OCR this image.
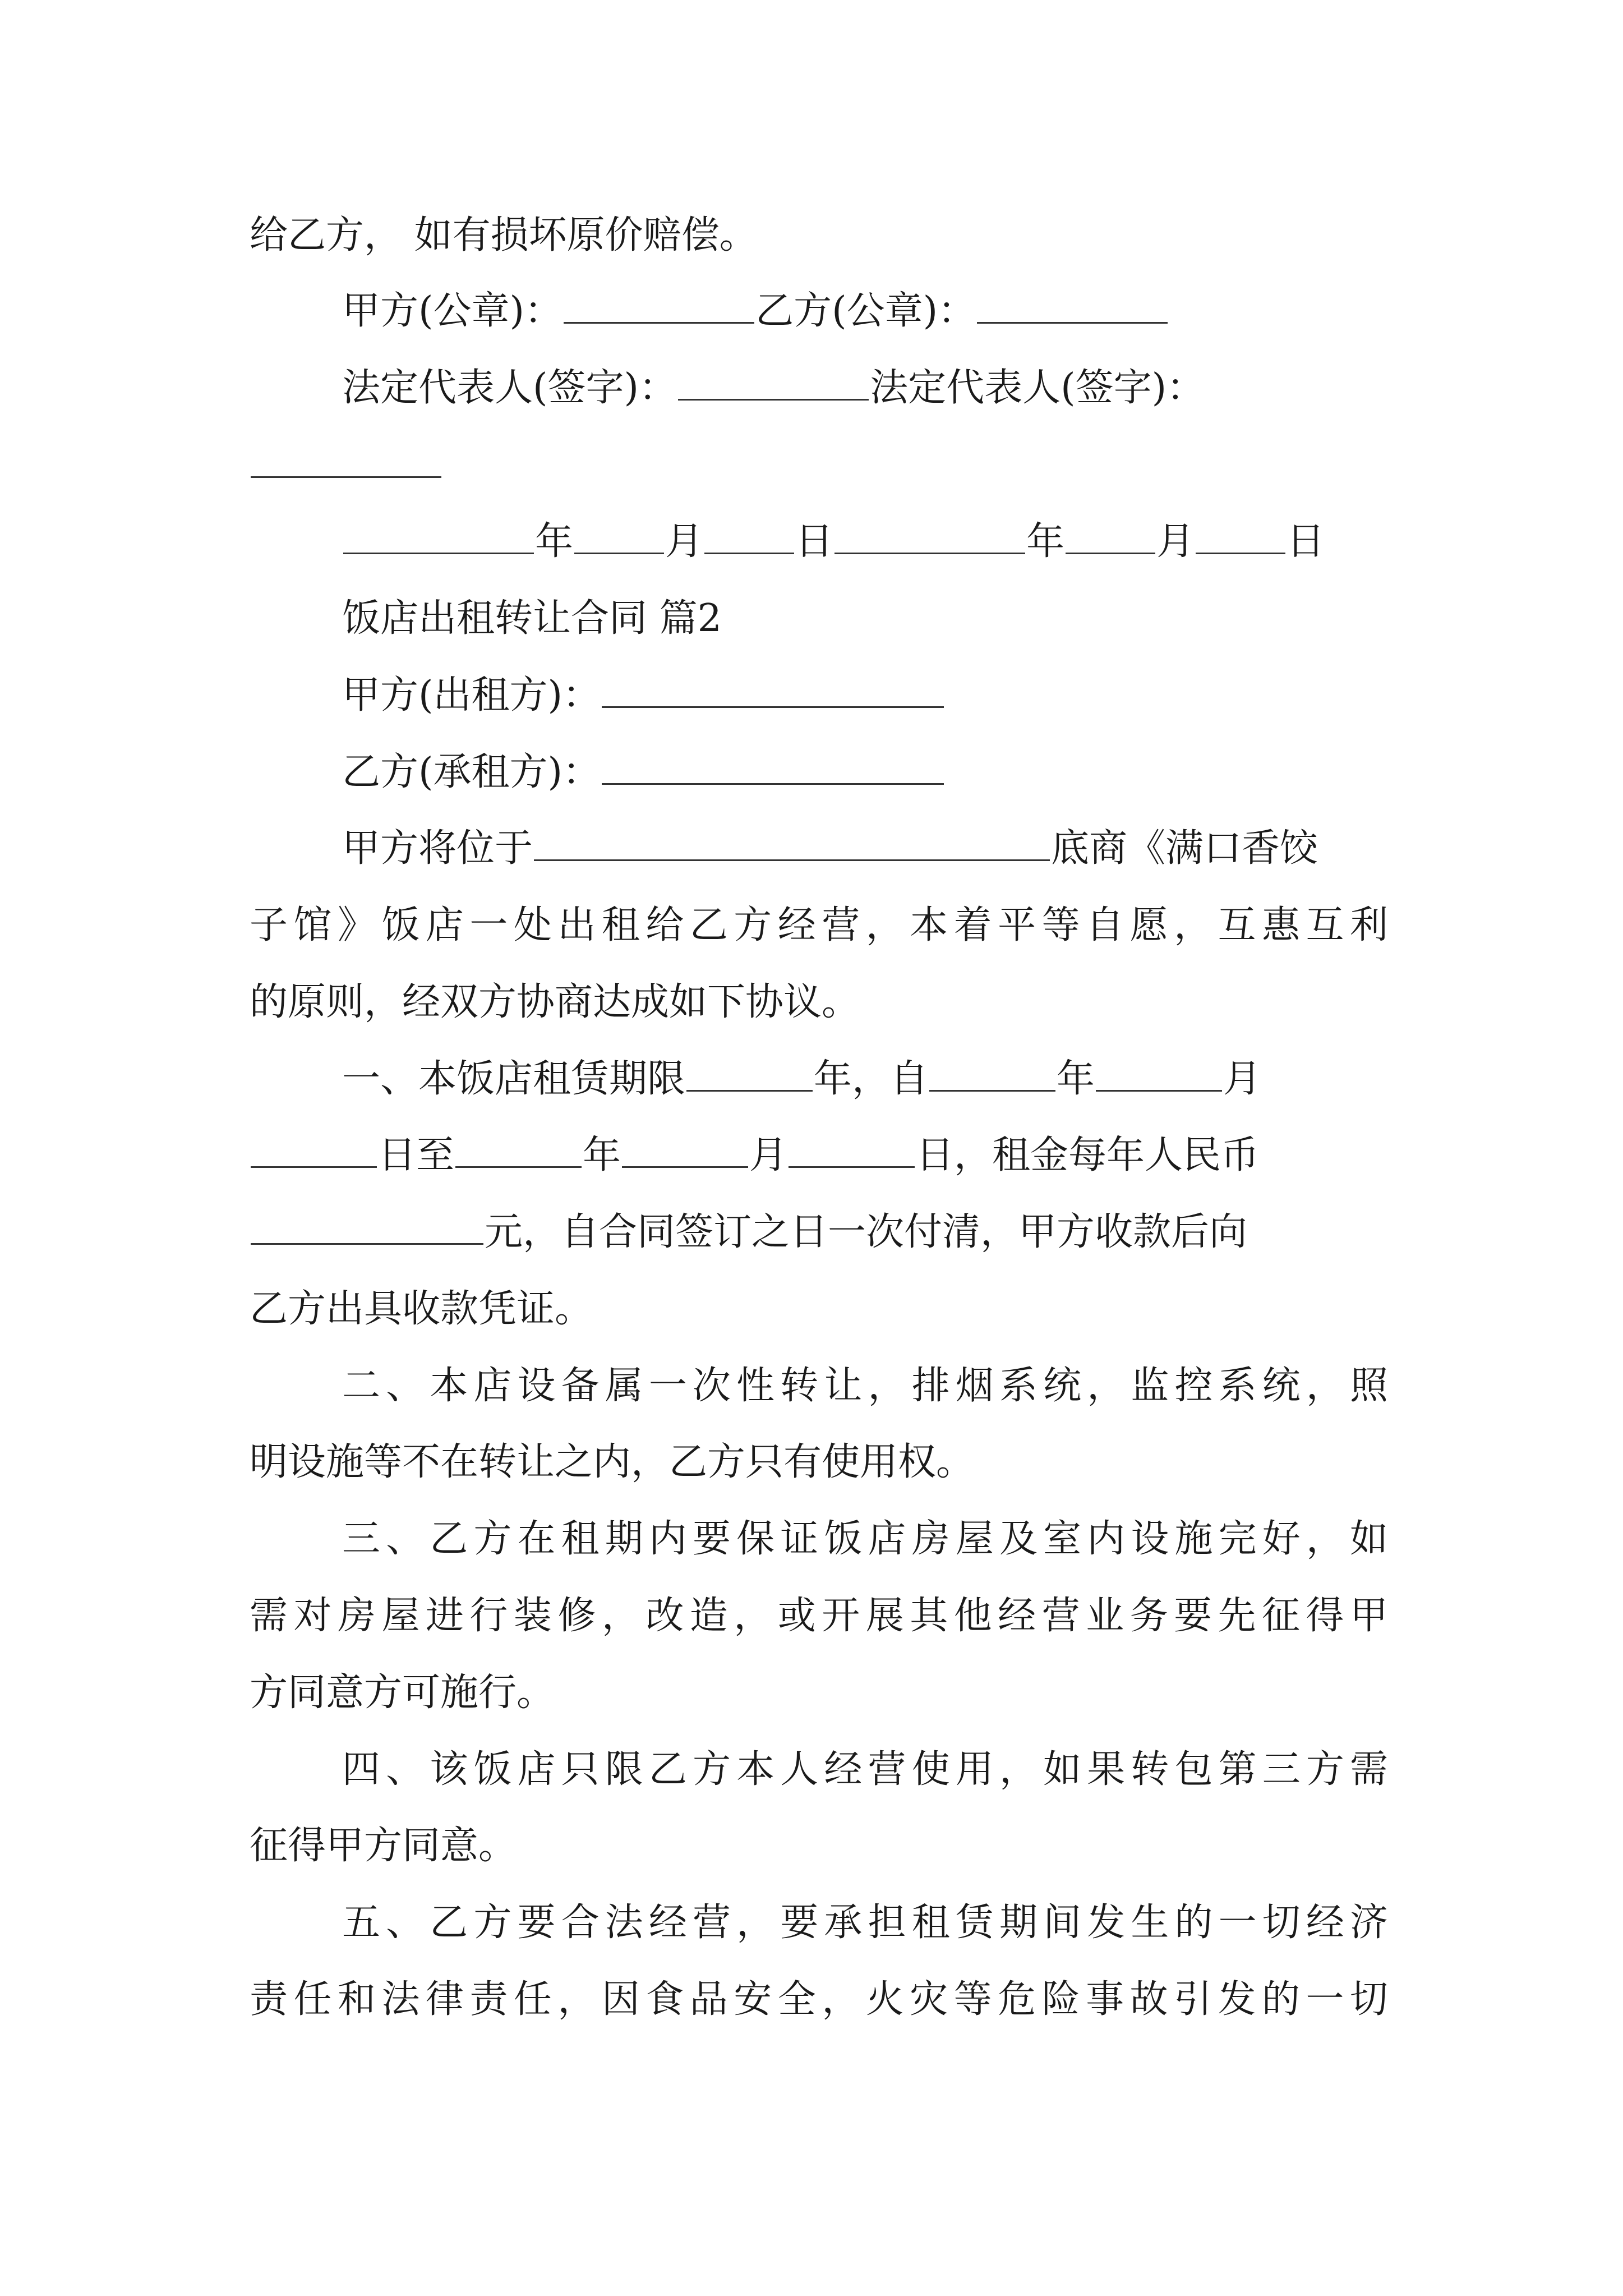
给乙方， 如有损坏原价赔偿。
甲方(公章)：	乙方(公章)：
法定代表人(签字)：	法定代表人(签字)：
年 月 日	年 月 日
饭店出租转让合同 篇2
甲方(出租方)：
乙方(承租方)：
甲方将位于	底商《满口香饺
子馆》饭店一处出租给乙方经营，本着平等自愿，互惠互利
的原则，经双方协商达成如下协议。
一、本饭店租赁期限	年，自	年	月
日至	年	月	日，租金每年人民币
元，自合同签订之日一次付清，甲方收款后向
乙方出具收款凭证。
二、本店设备属一次性转让，排烟系统，监控系统，照
明设施等不在转让之内，乙方只有使用权。
三、乙方在租期内要保证饭店房屋及室内设施完好，如
需对房屋进行装修，改造，或开展其他经营业务要先征得甲
方同意方可施行。
四、该饭店只限乙方本人经营使用，如果转包第三方需
征得甲方同意。
五、乙方要合法经营，要承担租赁期间发生的一切经济
责任和法律责任，因食品安全，火灾等危险事故引发的一切
